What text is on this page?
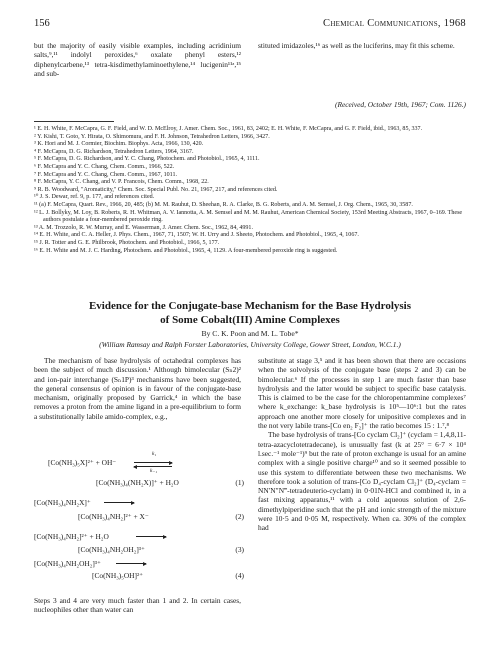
156	Chemical Communications, 1968

but the majority of easily visible examples, including acridinium salts,⁹,¹¹ indolyl peroxides,⁶ oxalate phenyl esters,¹² diphenylcarbene,¹³ tetra-kisdimethylaminoethylene,¹⁴ lucigenin¹¹ᵃ,¹⁵ and sub-

stituted imidazoles,¹⁶ as well as the luciferins, may fit this scheme.

(Received, October 19th, 1967; Com. 1126.)

¹ E. H. White, F. McCapra, G. F. Field, and W. D. McElroy, J. Amer. Chem. Soc., 1961, 83, 2402; E. H. White, F. McCapra, and G. F. Field, ibid., 1963, 85, 337.

² Y. Kishi, T. Goto, Y. Hirata, O. Shimomura, and F. H. Johnson, Tetrahedron Letters, 1966, 3427.

³ K. Hori and M. J. Cormier, Biochim. Biophys. Acta, 1966, 130, 420.

⁴ F. McCapra, D. G. Richardson, Tetrahedron Letters, 1964, 3167.

⁵ F. McCapra, D. G. Richardson, and Y. C. Chang, Photochem. and Photobiol., 1965, 4, 1111.

⁶ F. McCapra and Y. C. Chang, Chem. Comm., 1966, 522.

⁷ F. McCapra and Y. C. Chang, Chem. Comm., 1967, 1011.

⁸ F. McCapra, Y. C. Chang, and V. P. Francois, Chem. Comm., 1968, 22.

⁹ R. B. Woodward, "Aromaticity," Chem. Soc. Special Publ. No. 21, 1967, 217, and references cited.

¹⁰ J. S. Dewar, ref. 9, p. 177, and references cited.

¹¹ (a) F. McCapra, Quart. Rev., 1966, 20, 485; (b) M. M. Rauhut, D. Sheehan, R. A. Clarke, B. G. Roberts, and A. M. Semsel, J. Org. Chem., 1965, 30, 3587.

¹² L. J. Bollyky, M. Loy, B. Roberts, R. H. Whitman, A. V. Iannotta, A. M. Semsel and M. M. Rauhut, American Chemical Society, 153rd Meeting Abstracts, 1967, 0–169. These authors postulate a four-membered peroxide ring.

¹³ A. M. Trozzolo, R. W. Murray, and E. Wasserman, J. Amer. Chem. Soc., 1962, 84, 4991.

¹⁴ E. H. White, and C. A. Heller, J. Phys. Chem., 1967, 71, 1507; W. H. Urry and J. Sheeto, Photochem. and Photobiol., 1965, 4, 1067.

¹⁵ J. R. Totter and G. E. Philbrook, Photochem. and Photobiol., 1966, 5, 177.

¹⁶ E. H. White and M. J. C. Harding, Photochem. and Photobiol., 1965, 4, 1129. A four-membered peroxide ring is suggested.

Evidence for the Conjugate-base Mechanism for the Base Hydrolysis
of Some Cobalt(III) Amine Complexes
By C. K. Poon and M. L. Tobe*
(William Ramsay and Ralph Forster Laboratories, University College, Gower Street, London, W.C.1.)

The mechanism of base hydrolysis of octahedral complexes has been the subject of much discussion.¹ Although bimolecular (Sₙ2)² and ion-pair interchange (Sₙ1P)³ mechanisms have been suggested, the general consensus of opinion is in favour of the conjugate-base mechanism, originally proposed by Garrick,⁴ in which the base removes a proton from the amine ligand in a pre-equilibrium to form a substitutionally labile amido-complex, e.g.,

[Co(NH₃)₅X]²⁺ + OH⁻
k₁
k₋₁
[Co(NH₃)₄(NH₂X)]⁺ + H₂O	(1)
[Co(NH₃)₄NH₂X]⁺
[Co(NH₃)₄NH₂]²⁺ + X⁻	(2)
[Co(NH₃)₄NH₂]²⁺ + H₂O
[Co(NH₃)₄NH₂OH₂]³⁺	(3)
[Co(NH₃)₄NH₂OH₂]³⁺
[Co(NH₃)₅OH]²⁺	(4)

Steps 3 and 4 are very much faster than 1 and 2. In certain cases, nucleophiles other than water can

substitute at stage 3,⁵ and it has been shown that there are occasions when the solvolysis of the conjugate base (steps 2 and 3) can be bimolecular.⁶ If the processes in step 1 are much faster than base hydrolysis and the latter would be subject to specific base catalysis. This is claimed to be the case for the chloropentammine complexes⁷ where k_exchange: k_base hydrolysis is 10⁵—10⁶:1 but the rates approach one another more closely for unipositive complexes and in the not very labile trans-[Co en₂ F₂]⁺ the ratio becomes 15 : 1.⁷,⁸

The base hydrolysis of trans-[Co cyclam Cl₂]⁺ (cyclam = 1,4,8,11-tetra-azacyclotetradecane), is unusually fast (k at 25° = 6·7 × 10⁴ l.sec.⁻¹ mole⁻¹)⁹ but the rate of proton exchange is usual for an amine complex with a single positive charge¹⁰ and so it seemed possible to use this system to differentiate between these two mechanisms. We therefore took a solution of trans-[Co D₄-cyclam Cl₂]⁺ (D₄-cyclam = NN′N″N‴-tetradeuterio-cyclam) in 0·01N-HCl and combined it, in a fast mixing apparatus,¹¹ with a cold aqueous solution of 2,6-dimethylpiperidine such that the pH and ionic strength of the mixture were 10·5 and 0·05 M, respectively. When ca. 30% of the complex had
